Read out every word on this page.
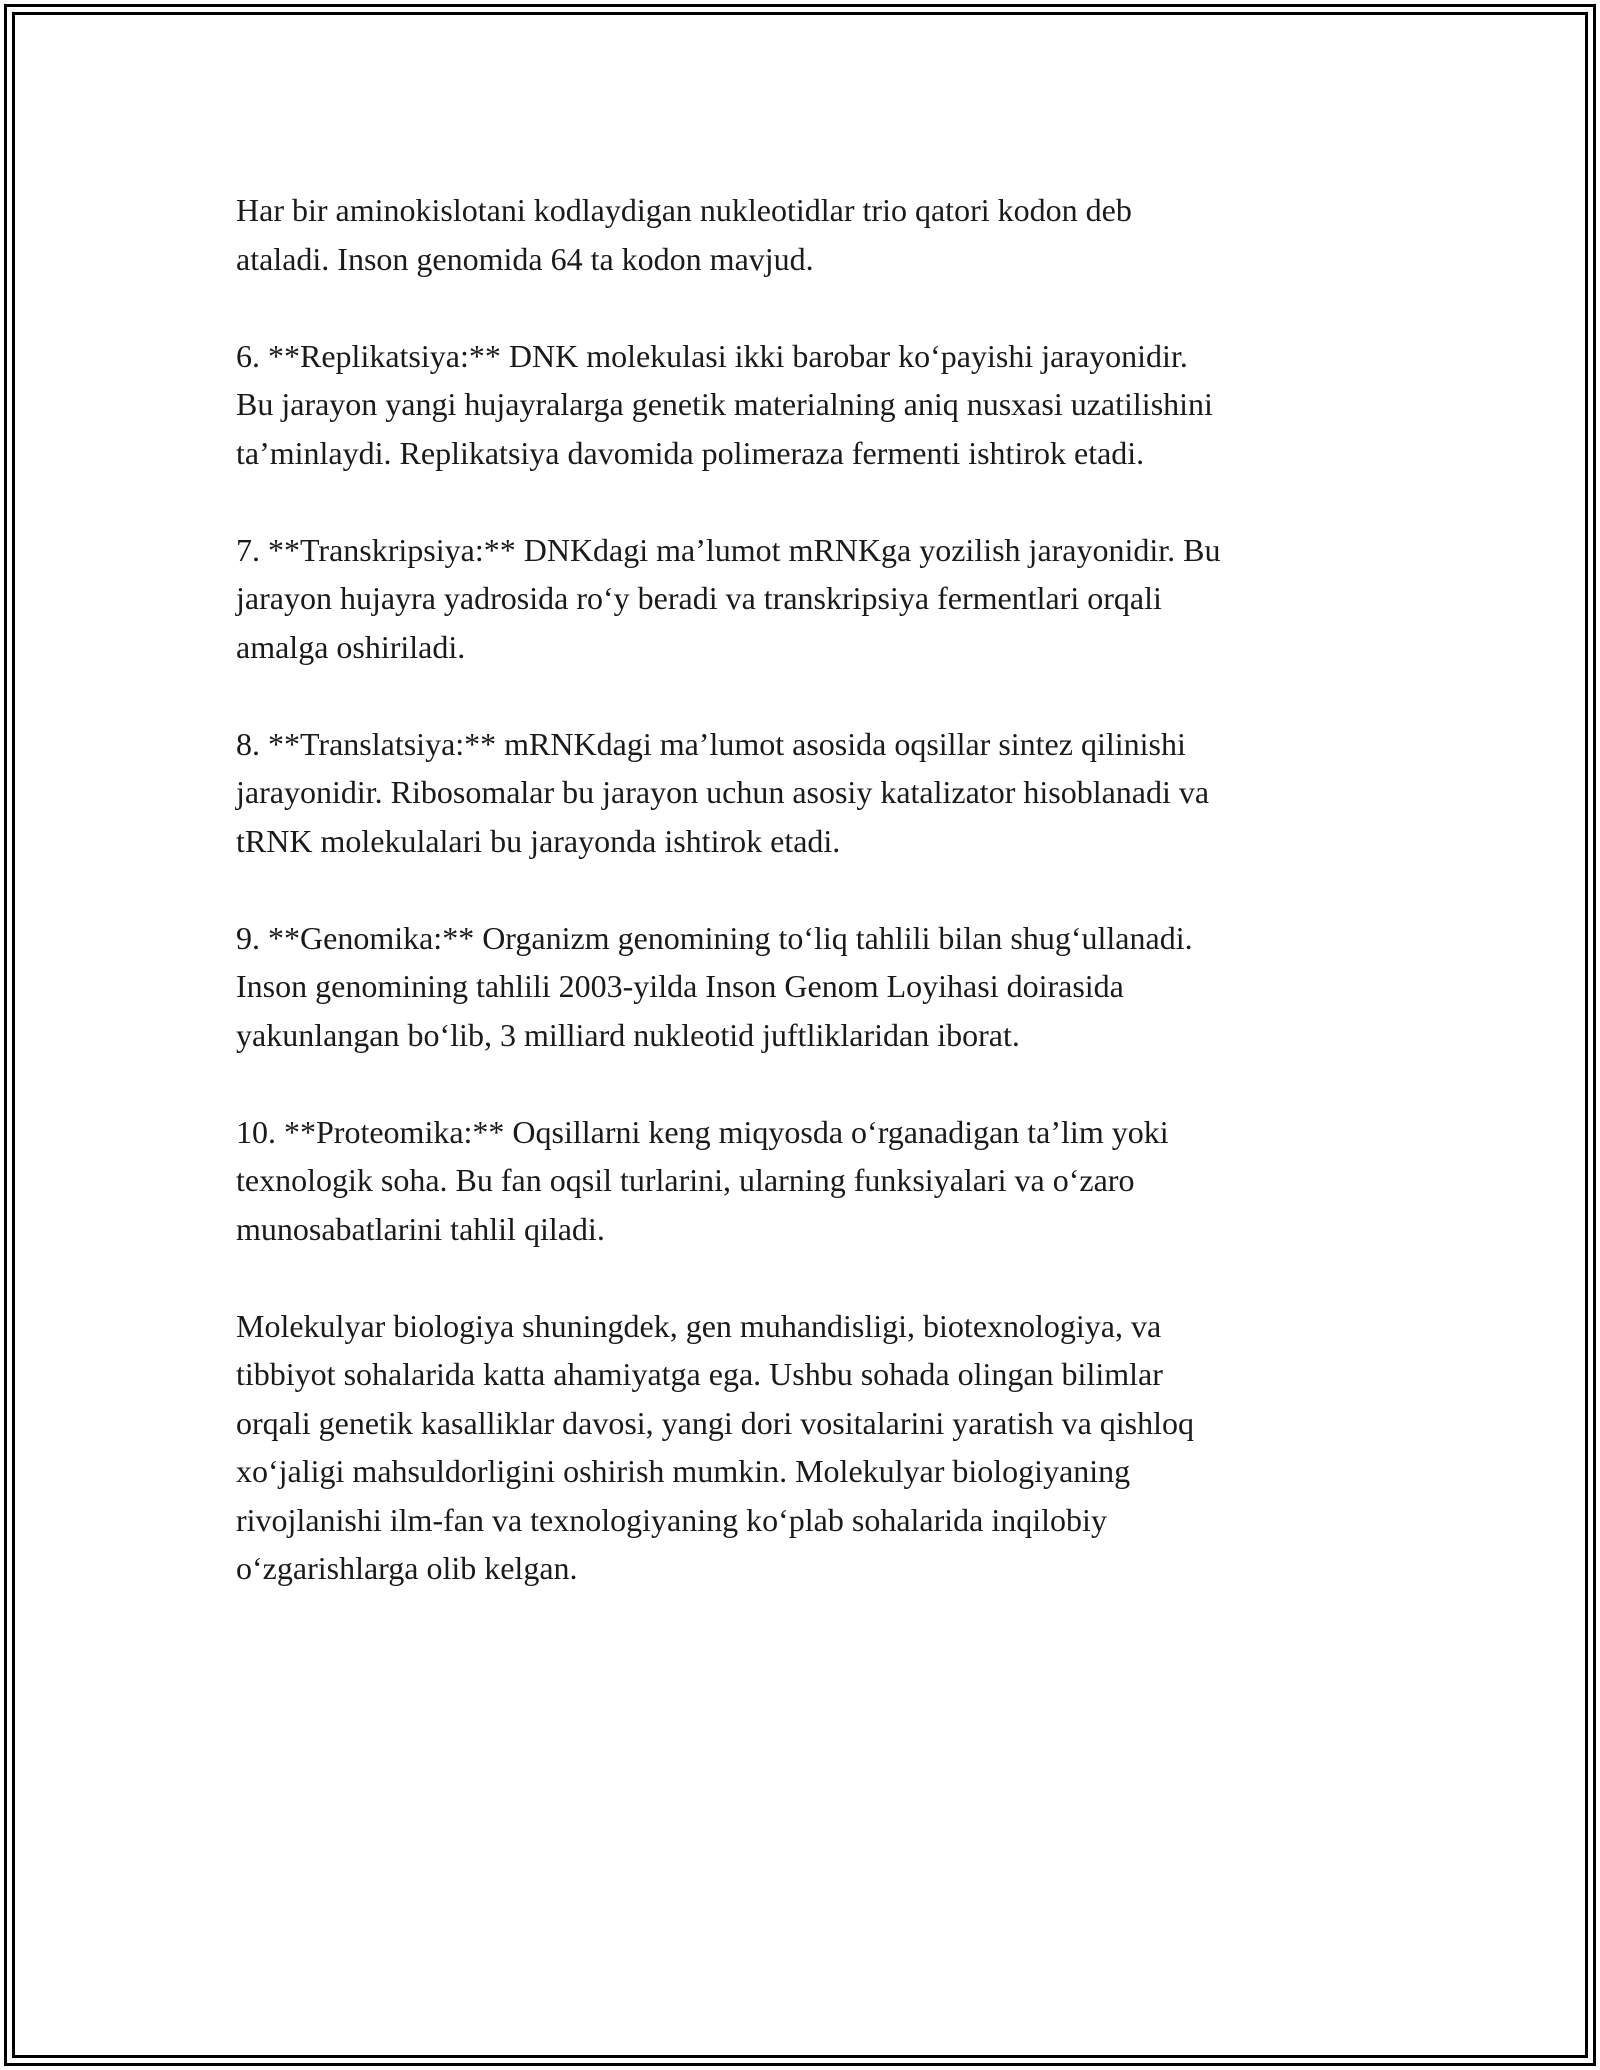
Har bir aminokislotani kodlaydigan nukleotidlar trio qatori kodon deb
ataladi. Inson genomida 64 ta kodon mavjud.

6. **Replikatsiya:** DNK molekulasi ikki barobar ko‘payishi jarayonidir.
Bu jarayon yangi hujayralarga genetik materialning aniq nusxasi uzatilishini
ta’minlaydi. Replikatsiya davomida polimeraza fermenti ishtirok etadi.

7. **Transkripsiya:** DNKdagi ma’lumot mRNKga yozilish jarayonidir. Bu
jarayon hujayra yadrosida ro‘y beradi va transkripsiya fermentlari orqali
amalga oshiriladi.

8. **Translatsiya:** mRNKdagi ma’lumot asosida oqsillar sintez qilinishi
jarayonidir. Ribosomalar bu jarayon uchun asosiy katalizator hisoblanadi va
tRNK molekulalari bu jarayonda ishtirok etadi.

9. **Genomika:** Organizm genomining to‘liq tahlili bilan shug‘ullanadi.
Inson genomining tahlili 2003-yilda Inson Genom Loyihasi doirasida
yakunlangan bo‘lib, 3 milliard nukleotid juftliklaridan iborat.

10. **Proteomika:** Oqsillarni keng miqyosda o‘rganadigan ta’lim yoki
texnologik soha. Bu fan oqsil turlarini, ularning funksiyalari va o‘zaro
munosabatlarini tahlil qiladi.

Molekulyar biologiya shuningdek, gen muhandisligi, biotexnologiya, va
tibbiyot sohalarida katta ahamiyatga ega. Ushbu sohada olingan bilimlar
orqali genetik kasalliklar davosi, yangi dori vositalarini yaratish va qishloq
xo‘jaligi mahsuldorligini oshirish mumkin. Molekulyar biologiyaning
rivojlanishi ilm-fan va texnologiyaning ko‘plab sohalarida inqilobiy
o‘zgarishlarga olib kelgan.
